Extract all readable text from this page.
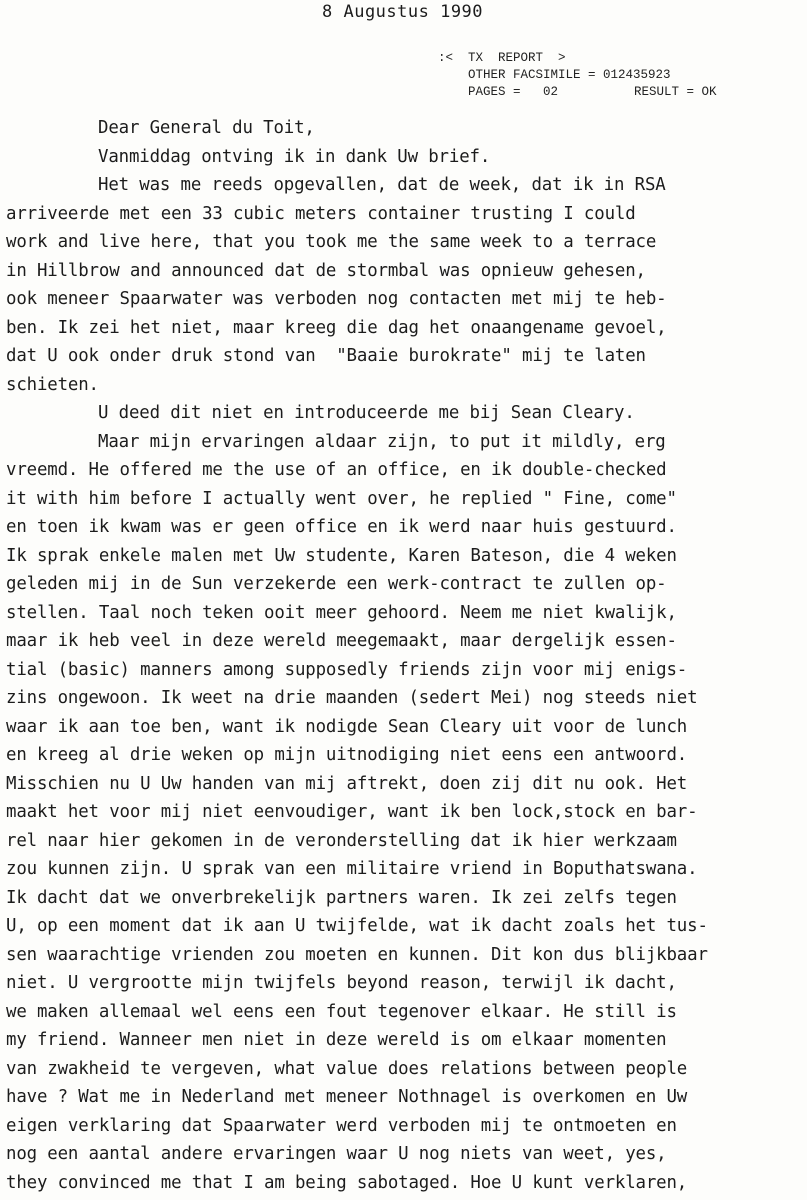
8 Augustus 1990
:<  TX  REPORT  >
OTHER FACSIMILE = 012435923
PAGES =   02	RESULT = OK

Dear General du Toit,

Vanmiddag ontving ik in dank Uw brief.

Het was me reeds opgevallen, dat de week, dat ik in RSA

arriveerde met een 33 cubic meters container trusting I could

work and live here, that you took me the same week to a terrace

in Hillbrow and announced dat de stormbal was opnieuw gehesen,

ook meneer Spaarwater was verboden nog contacten met mij te heb-

ben. Ik zei het niet, maar kreeg die dag het onaangename gevoel,

dat U ook onder druk stond van  "Baaie burokrate" mij te laten

schieten.

U deed dit niet en introduceerde me bij Sean Cleary.

Maar mijn ervaringen aldaar zijn, to put it mildly, erg

vreemd. He offered me the use of an office, en ik double-checked

it with him before I actually went over, he replied " Fine, come"

en toen ik kwam was er geen office en ik werd naar huis gestuurd.

Ik sprak enkele malen met Uw studente, Karen Bateson, die 4 weken

geleden mij in de Sun verzekerde een werk-contract te zullen op-

stellen. Taal noch teken ooit meer gehoord. Neem me niet kwalijk,

maar ik heb veel in deze wereld meegemaakt, maar dergelijk essen-

tial (basic) manners among supposedly friends zijn voor mij enigs-

zins ongewoon. Ik weet na drie maanden (sedert Mei) nog steeds niet

waar ik aan toe ben, want ik nodigde Sean Cleary uit voor de lunch

en kreeg al drie weken op mijn uitnodiging niet eens een antwoord.

Misschien nu U Uw handen van mij aftrekt, doen zij dit nu ook. Het

maakt het voor mij niet eenvoudiger, want ik ben lock,stock en bar-

rel naar hier gekomen in de veronderstelling dat ik hier werkzaam

zou kunnen zijn. U sprak van een militaire vriend in Boputhatswana.

Ik dacht dat we onverbrekelijk partners waren. Ik zei zelfs tegen

U, op een moment dat ik aan U twijfelde, wat ik dacht zoals het tus-

sen waarachtige vrienden zou moeten en kunnen. Dit kon dus blijkbaar

niet. U vergrootte mijn twijfels beyond reason, terwijl ik dacht,

we maken allemaal wel eens een fout tegenover elkaar. He still is

my friend. Wanneer men niet in deze wereld is om elkaar momenten

van zwakheid te vergeven, what value does relations between people

have ? Wat me in Nederland met meneer Nothnagel is overkomen en Uw

eigen verklaring dat Spaarwater werd verboden mij te ontmoeten en

nog een aantal andere ervaringen waar U nog niets van weet, yes,

they convinced me that I am being sabotaged. Hoe U kunt verklaren,
